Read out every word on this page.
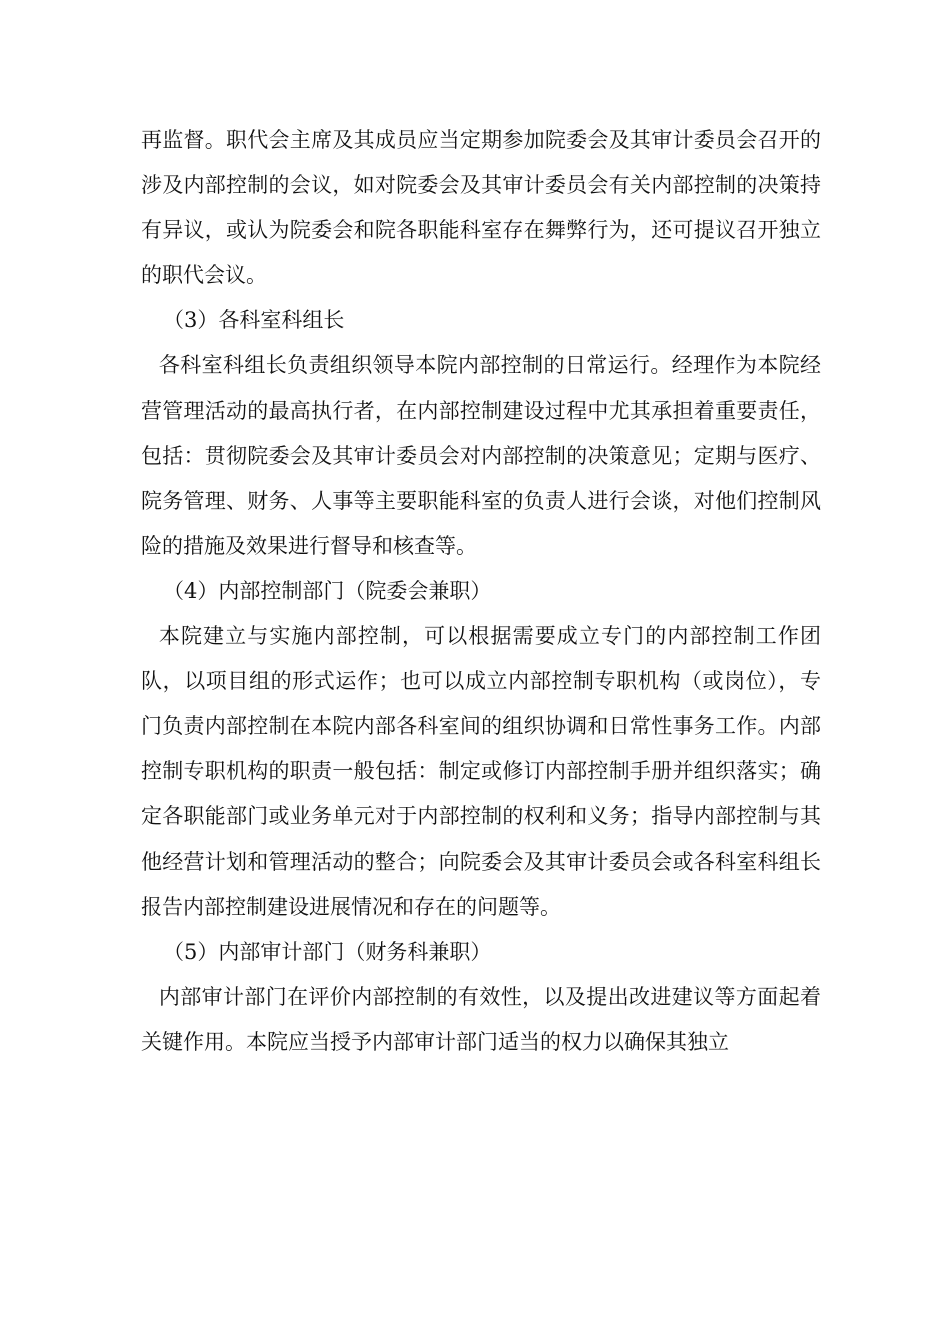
再监督。职代会主席及其成员应当定期参加院委会及其审计委员会召开的涉及内部控制的会议，如对院委会及其审计委员会有关内部控制的决策持有异议，或认为院委会和院各职能科室存在舞弊行为，还可提议召开独立的职代会议。

（3）各科室科组长

各科室科组长负责组织领导本院内部控制的日常运行。经理作为本院经营管理活动的最高执行者，在内部控制建设过程中尤其承担着重要责任，包括：贯彻院委会及其审计委员会对内部控制的决策意见；定期与医疗、院务管理、财务、人事等主要职能科室的负责人进行会谈，对他们控制风险的措施及效果进行督导和核查等。

（4）内部控制部门（院委会兼职）

本院建立与实施内部控制，可以根据需要成立专门的内部控制工作团队，以项目组的形式运作；也可以成立内部控制专职机构（或岗位），专门负责内部控制在本院内部各科室间的组织协调和日常性事务工作。内部控制专职机构的职责一般包括：制定或修订内部控制手册并组织落实；确定各职能部门或业务单元对于内部控制的权利和义务；指导内部控制与其他经营计划和管理活动的整合；向院委会及其审计委员会或各科室科组长报告内部控制建设进展情况和存在的问题等。

（5）内部审计部门（财务科兼职）

内部审计部门在评价内部控制的有效性，以及提出改进建议等方面起着关键作用。本院应当授予内部审计部门适当的权力以确保其独立
